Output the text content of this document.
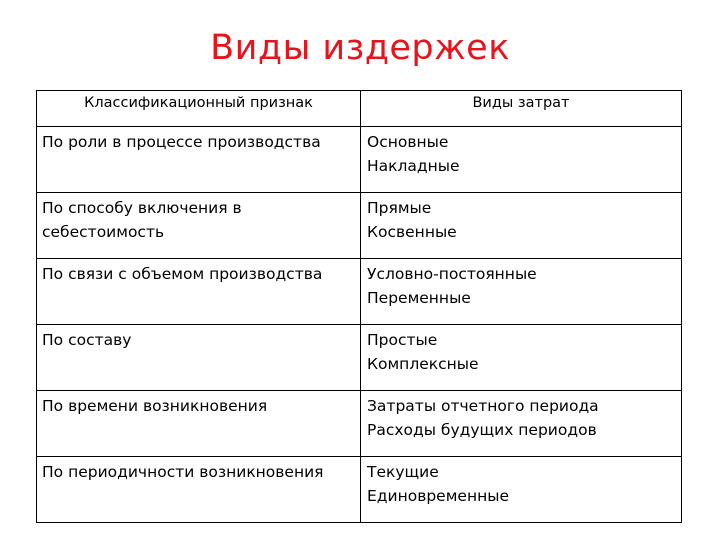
Виды издержек
Классификационный признак	Виды затрат
По роли в процессе производства	Основные
Накладные

По способу включения в себестоимость	Прямые
Косвенные

По связи с объемом производства	Условно-постоянные
Переменные

По составу	Простые
Комплексные

По времени возникновения	Затраты отчетного периода
Расходы будущих периодов

По периодичности возникновения	Текущие
Единовременные
